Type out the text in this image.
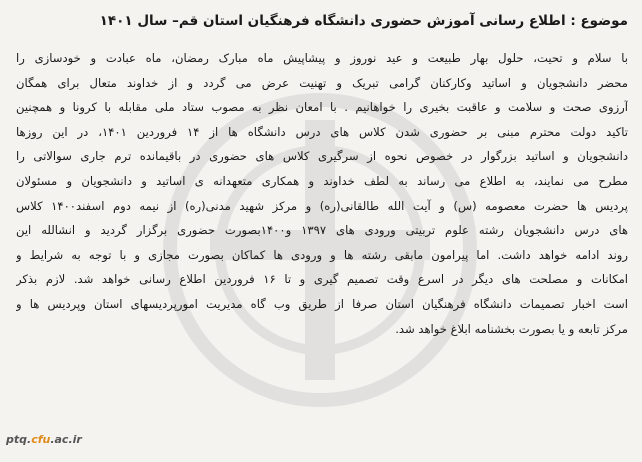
موضوع : اطلاع رسانی آموزش حضوری دانشگاه فرهنگیان استان قم– سال ۱۴۰۱
با سلام و تحیت، حلول بهار طبیعت و عید نوروز و پیشاپیش ماه مبارک رمضان، ماه عبادت و خودسازی را
محضر دانشجویان و اساتید وکارکنان گرامی تبریک و تهنیت عرض می گردد و از خداوند متعال برای همگان
آرزوی صحت و سلامت و عاقبت بخیری را خواهانیم . با امعان نظر به مصوب ستاد ملی مقابله با کرونا و همچنین
تاکید دولت محترم مبنی بر حضوری شدن کلاس های درس دانشگاه ها از ۱۴ فروردین ۱۴۰۱، در این روزها
دانشجویان و اساتید بزرگوار در خصوص نحوه از سرگیری کلاس های حضوری در باقیمانده ترم جاری سوالاتی را
مطرح می نمایند، به اطلاع می رساند به لطف خداوند و همکاری متعهدانه ی اساتید و دانشجویان و مسئولان
پردیس ها حضرت معصومه (س) و آیت الله طالقانی(ره) و مرکز شهید مدنی(ره) از نیمه دوم اسفند۱۴۰۰ کلاس
های درس دانشجویان رشته علوم تربیتی ورودی های ۱۳۹۷ و۱۴۰۰بصورت حضوری برگزار گردید و انشالله این
روند ادامه خواهد داشت. اما پیرامون مابقی رشته ها و ورودی ها کماکان بصورت مجازی و با توجه به شرایط و
امکانات و مصلحت های دیگر در اسرع وقت تصمیم گیری و تا ۱۶ فروردین اطلاع رسانی خواهد شد. لازم بذکر
است اخبار تصمیمات دانشگاه فرهنگیان استان صرفا از طریق وب گاه مدیریت امورپردیسهای استان وپردیس ها و
مرکز تابعه و یا بصورت بخشنامه ابلاغ خواهد شد.
ptq.cfu.ac.ir
